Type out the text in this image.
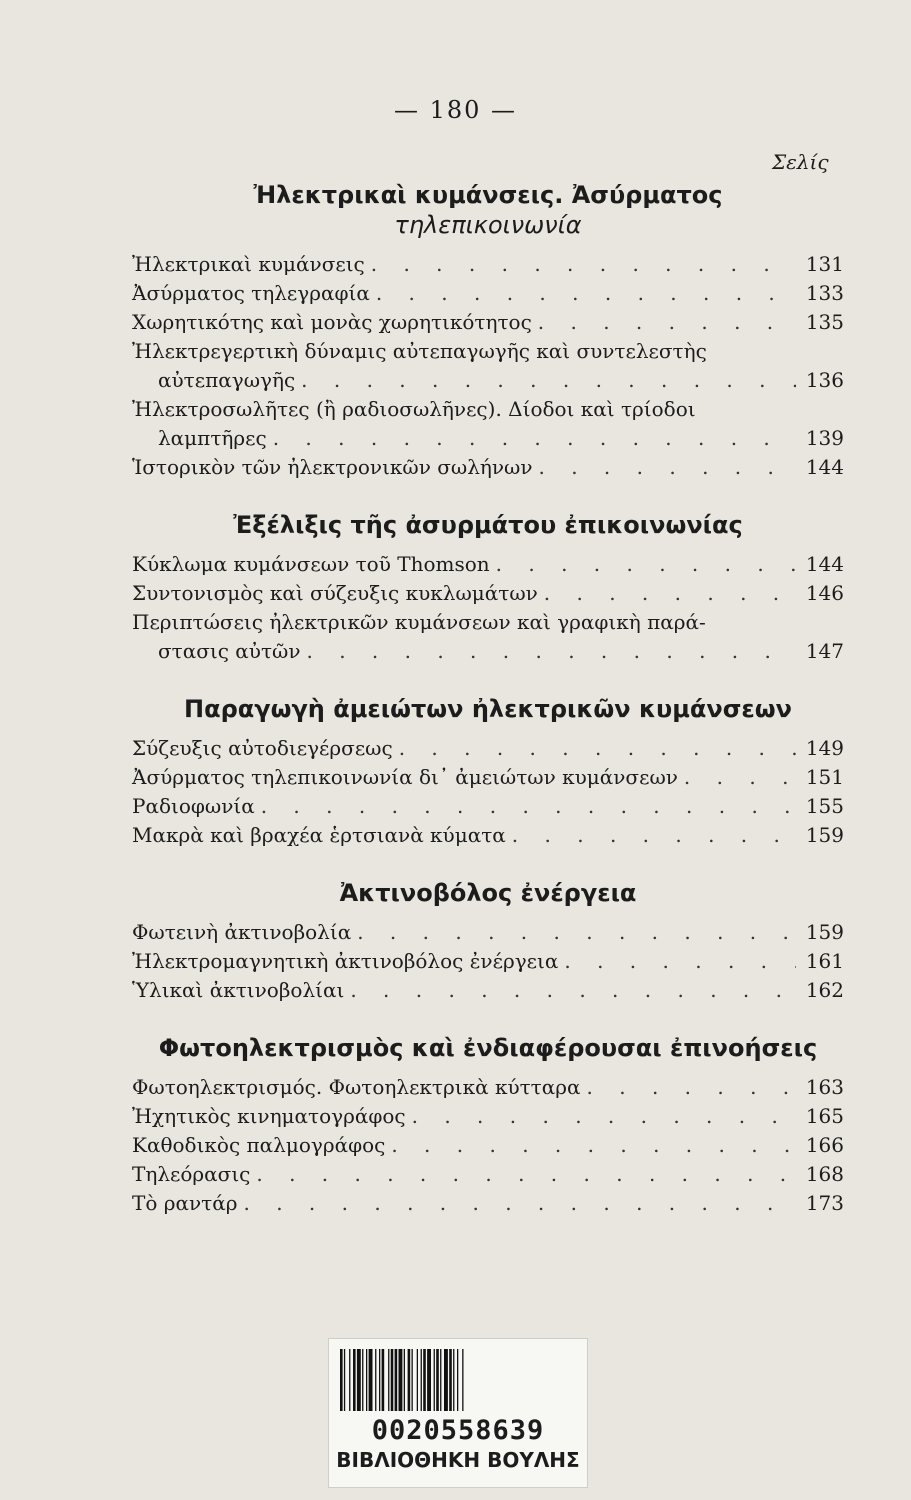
— 180 —
Σελίς
Ἠλεκτρικαὶ κυμάνσεις. Ἀσύρματος
τηλεπικοινωνία
Ἠλεκτρικαὶ κυμάνσεις . . .	131
Ἀσύρματος τηλεγραφία . . .	133
Χωρητικότης καὶ μονὰς χωρητικότητος . . .	135
Ἠλεκτρεγερτικὴ δύναμις αὐτεπαγωγῆς καὶ συντελεστὴς
αὐτεπαγωγῆς . . .	136
Ἠλεκτροσωλῆτες (ἢ ραδιοσωλῆνες). Δίοδοι καὶ τρίοδοι
λαμπτῆρες . . .	139
Ἱστορικὸν τῶν ἠλεκτρονικῶν σωλήνων . . .	144
Ἐξέλιξις τῆς ἀσυρμάτου ἐπικοινωνίας
Κύκλωμα κυμάνσεων τοῦ Thomson . . .	144
Συντονισμὸς καὶ σύζευξις κυκλωμάτων . . .	146
Περιπτώσεις ἠλεκτρικῶν κυμάνσεων καὶ γραφικὴ παρά-
στασις αὐτῶν . . .	147
Παραγωγὴ ἀμειώτων ἠλεκτρικῶν κυμάνσεων
Σύζευξις αὐτοδιεγέρσεως . . .	149
Ἀσύρματος τηλεπικοινωνία δι᾽ ἀμειώτων κυμάνσεων . . .	151
Ραδιοφωνία . . .	155
Μακρὰ καὶ βραχέα ἑρτσιανὰ κύματα . . .	159
Ἀκτινοβόλος ἐνέργεια
Φωτεινὴ ἀκτινοβολία . . .	159
Ἠλεκτρομαγνητικὴ ἀκτινοβόλος ἐνέργεια . . .	161
Ὑλικαὶ ἀκτινοβολίαι . . .	162
Φωτοηλεκτρισμὸς καὶ ἐνδιαφέρουσαι ἐπινοήσεις
Φωτοηλεκτρισμός. Φωτοηλεκτρικὰ κύτταρα . . .	163
Ἠχητικὸς κινηματογράφος . . .	165
Καθοδικὸς παλμογράφος . . .	166
Τηλεόρασις . . .	168
Τὸ ραντάρ . . .	173
0020558639
ΒΙΒΛΙΟΘΗΚΗ ΒΟΥΛΗΣ
